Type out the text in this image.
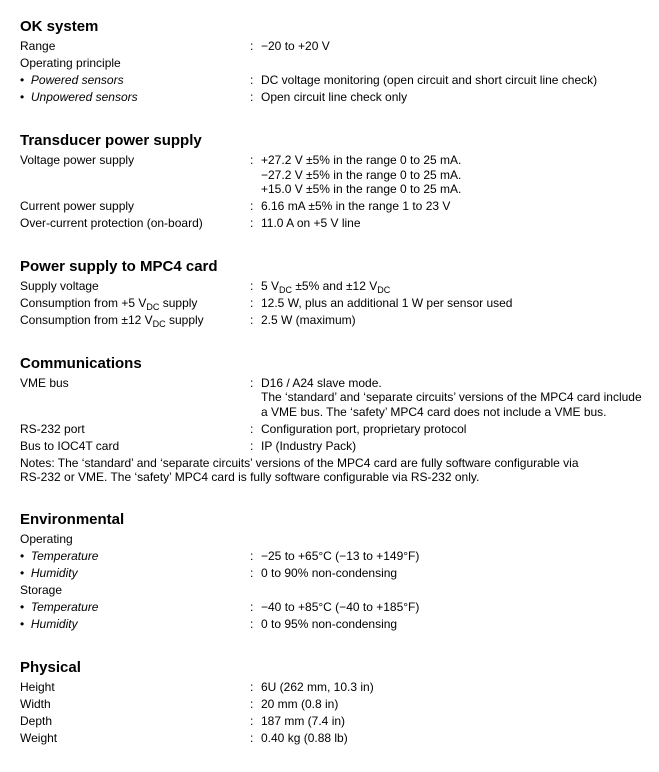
OK system
Range	: −20 to +20 V
Operating principle
• Powered sensors	: DC voltage monitoring (open circuit and short circuit line check)
• Unpowered sensors	: Open circuit line check only
Transducer power supply
Voltage power supply	: +27.2 V ±5% in the range 0 to 25 mA.
−27.2 V ±5% in the range 0 to 25 mA.
+15.0 V ±5% in the range 0 to 25 mA.
Current power supply	: 6.16 mA ±5% in the range 1 to 23 V
Over-current protection (on-board)	: 11.0 A on +5 V line
Power supply to MPC4 card
Supply voltage	: 5 $V_{DC} \pm 5\%$ and ±12 $V_{DC}$
Consumption from +5 $V_{DC}$ supply	: 12.5 W, plus an additional 1 W per sensor used
Consumption from ±12 $V_{DC}$ supply	: 2.5 W (maximum)
Communications
VME bus	: D16 / A24 slave mode.
The ‘standard’ and ‘separate circuits’ versions of the MPC4 card include
a VME bus. The ‘safety’ MPC4 card does not include a VME bus.
RS-232 port	: Configuration port, proprietary protocol
Bus to IOC4T card	: IP (Industry Pack)
Notes: The ‘standard’ and ‘separate circuits’ versions of the MPC4 card are fully software configurable via
RS-232 or VME. The ‘safety’ MPC4 card is fully software configurable via RS-232 only.
Environmental
Operating
• Temperature	: −25 to +65°C (−13 to +149°F)
• Humidity	: 0 to 90% non-condensing
Storage
• Temperature	: −40 to +85°C (−40 to +185°F)
• Humidity	: 0 to 95% non-condensing
Physical
Height	: 6U (262 mm, 10.3 in)
Width	: 20 mm (0.8 in)
Depth	: 187 mm (7.4 in)
Weight	: 0.40 kg (0.88 lb)
